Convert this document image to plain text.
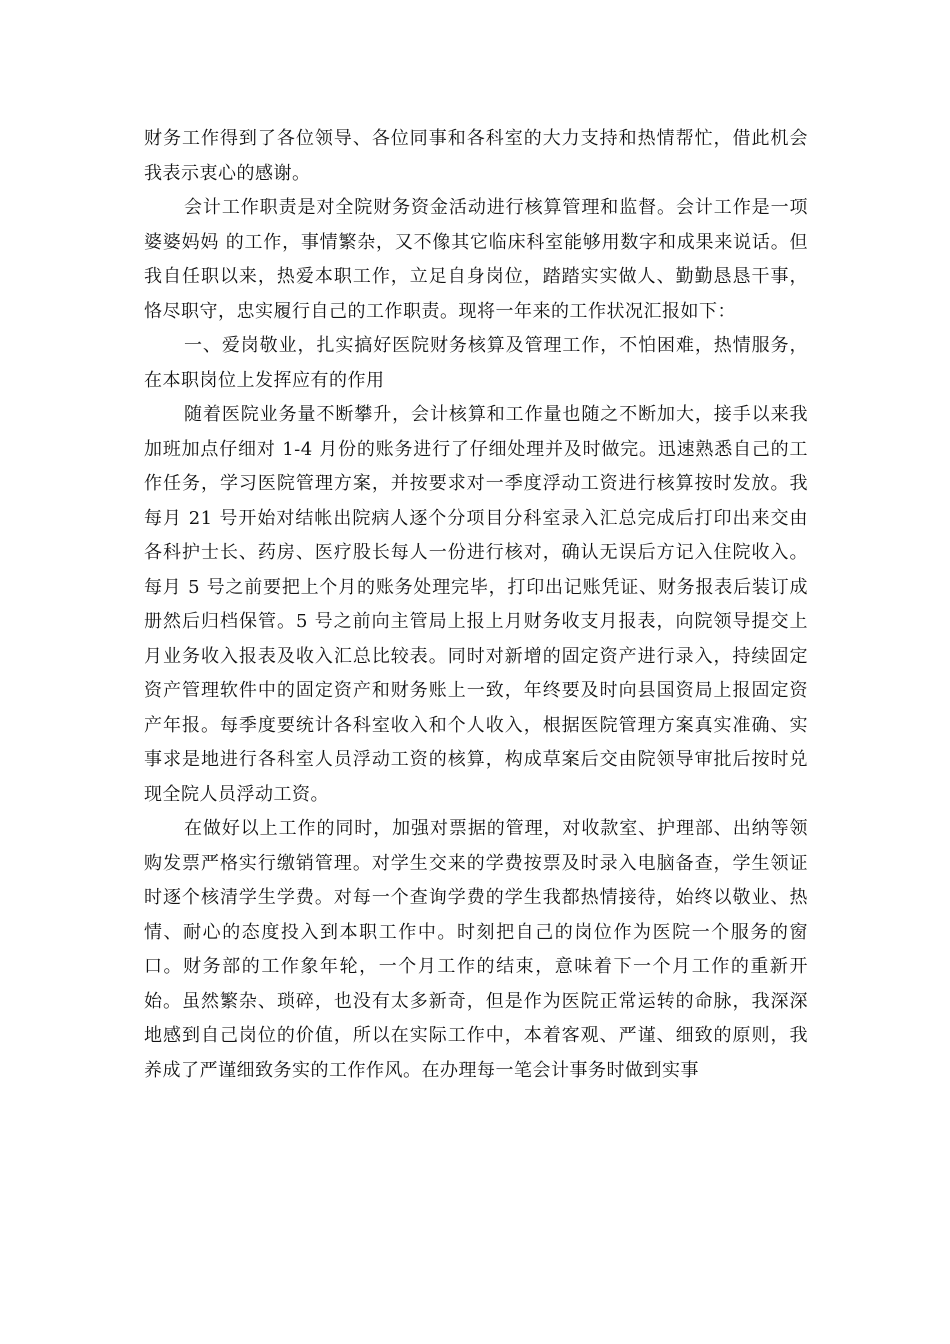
财务工作得到了各位领导、各位同事和各科室的大力支持和热情帮忙，借此机会我表示衷心的感谢。

会计工作职责是对全院财务资金活动进行核算管理和监督。会计工作是一项 婆婆妈妈 的工作，事情繁杂，又不像其它临床科室能够用数字和成果来说话。但我自任职以来，热爱本职工作，立足自身岗位，踏踏实实做人、勤勤恳恳干事，恪尽职守，忠实履行自己的工作职责。现将一年来的工作状况汇报如下：

一、爱岗敬业，扎实搞好医院财务核算及管理工作，不怕困难，热情服务，在本职岗位上发挥应有的作用

随着医院业务量不断攀升，会计核算和工作量也随之不断加大，接手以来我加班加点仔细对 1-4 月份的账务进行了仔细处理并及时做完。迅速熟悉自己的工作任务，学习医院管理方案，并按要求对一季度浮动工资进行核算按时发放。我每月 21 号开始对结帐出院病人逐个分项目分科室录入汇总完成后打印出来交由各科护士长、药房、医疗股长每人一份进行核对，确认无误后方记入住院收入。每月 5 号之前要把上个月的账务处理完毕，打印出记账凭证、财务报表后装订成册然后归档保管。5 号之前向主管局上报上月财务收支月报表，向院领导提交上月业务收入报表及收入汇总比较表。同时对新增的固定资产进行录入，持续固定资产管理软件中的固定资产和财务账上一致，年终要及时向县国资局上报固定资产年报。每季度要统计各科室收入和个人收入，根据医院管理方案真实准确、实事求是地进行各科室人员浮动工资的核算，构成草案后交由院领导审批后按时兑现全院人员浮动工资。

在做好以上工作的同时，加强对票据的管理，对收款室、护理部、出纳等领购发票严格实行缴销管理。对学生交来的学费按票及时录入电脑备查，学生领证时逐个核清学生学费。对每一个查询学费的学生我都热情接待，始终以敬业、热情、耐心的态度投入到本职工作中。时刻把自己的岗位作为医院一个服务的窗口。财务部的工作象年轮，一个月工作的结束，意味着下一个月工作的重新开始。虽然繁杂、琐碎，也没有太多新奇，但是作为医院正常运转的命脉，我深深地感到自己岗位的价值，所以在实际工作中，本着客观、严谨、细致的原则，我养成了严谨细致务实的工作作风。在办理每一笔会计事务时做到实事
